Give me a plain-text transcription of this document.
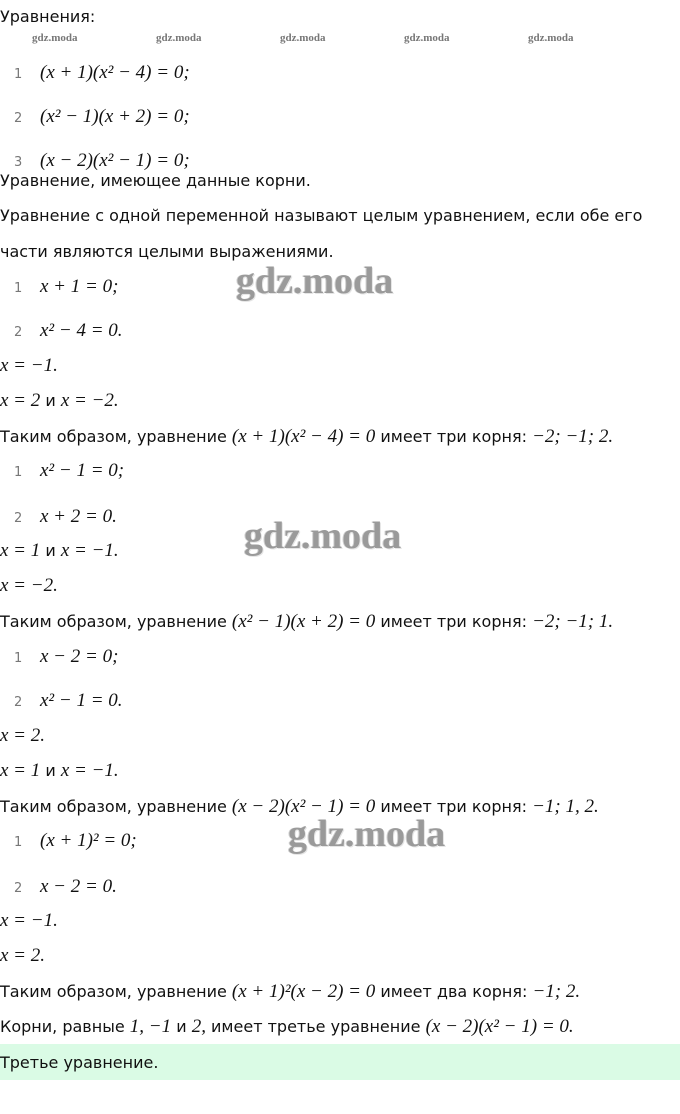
Уравнения:
gdz.moda	gdz.moda	gdz.moda	gdz.moda	gdz.moda
1 (x + 1)(x² − 4) = 0;
2 (x² − 1)(x + 2) = 0;
3 (x − 2)(x² − 1) = 0;
Уравнение, имеющее данные корни.
Уравнение с одной переменной называют целым уравнением, если обе его
части являются целыми выражениями.
gdz.moda
gdz.moda
gdz.moda
1 x + 1 = 0;
2 x² − 4 = 0.
x = −1.
x = 2 и x = −2.
Таким образом, уравнение (x + 1)(x² − 4) = 0 имеет три корня: −2; −1; 2.
1 x² − 1 = 0;
2 x + 2 = 0.
x = 1 и x = −1.
x = −2.
Таким образом, уравнение (x² − 1)(x + 2) = 0 имеет три корня: −2; −1; 1.
1 x − 2 = 0;
2 x² − 1 = 0.
x = 2.
x = 1 и x = −1.
Таким образом, уравнение (x − 2)(x² − 1) = 0 имеет три корня: −1; 1, 2.
1 (x + 1)² = 0;
2 x − 2 = 0.
x = −1.
x = 2.
Таким образом, уравнение (x + 1)²(x − 2) = 0 имеет два корня: −1; 2.
Корни, равные 1, −1 и 2, имеет третье уравнение (x − 2)(x² − 1) = 0.
Третье уравнение.
